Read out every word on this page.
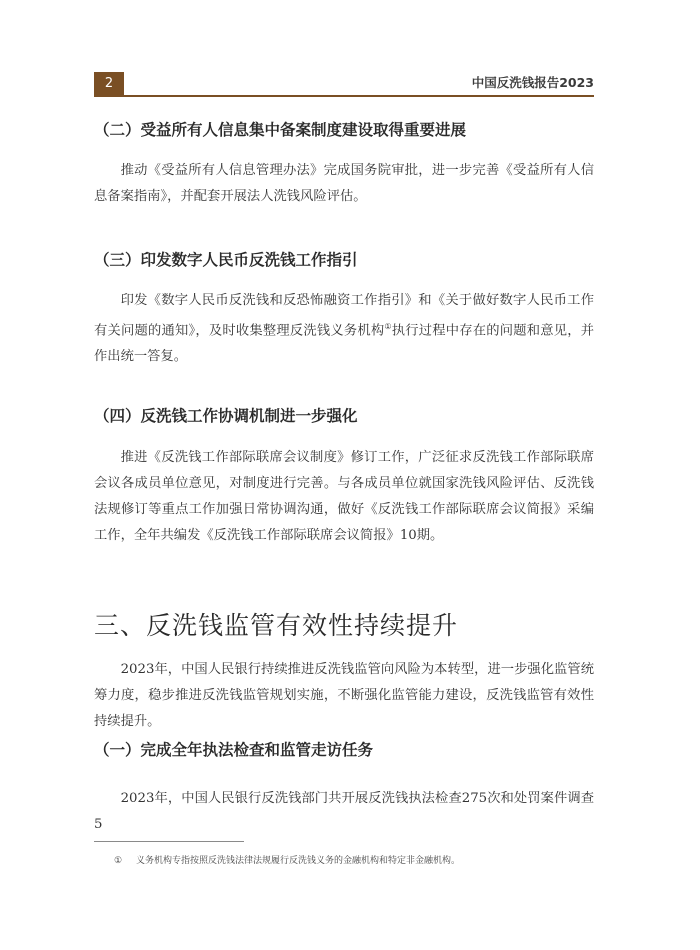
2	中国反洗钱报告2023
（二）受益所有人信息集中备案制度建设取得重要进展

推动《受益所有人信息管理办法》完成国务院审批，进一步完善《受益所有人信息备案指南》，并配套开展法人洗钱风险评估。

（三）印发数字人民币反洗钱工作指引

印发《数字人民币反洗钱和反恐怖融资工作指引》和《关于做好数字人民币工作有关问题的通知》，及时收集整理反洗钱义务机构①执行过程中存在的问题和意见，并作出统一答复。

（四）反洗钱工作协调机制进一步强化

推进《反洗钱工作部际联席会议制度》修订工作，广泛征求反洗钱工作部际联席会议各成员单位意见，对制度进行完善。与各成员单位就国家洗钱风险评估、反洗钱法规修订等重点工作加强日常协调沟通，做好《反洗钱工作部际联席会议简报》采编工作，全年共编发《反洗钱工作部际联席会议简报》10期。

三、反洗钱监管有效性持续提升

2023年，中国人民银行持续推进反洗钱监管向风险为本转型，进一步强化监管统筹力度，稳步推进反洗钱监管规划实施，不断强化监管能力建设，反洗钱监管有效性持续提升。

（一）完成全年执法检查和监管走访任务

2023年，中国人民银行反洗钱部门共开展反洗钱执法检查275次和处罚案件调查5

① 义务机构专指按照反洗钱法律法规履行反洗钱义务的金融机构和特定非金融机构。
